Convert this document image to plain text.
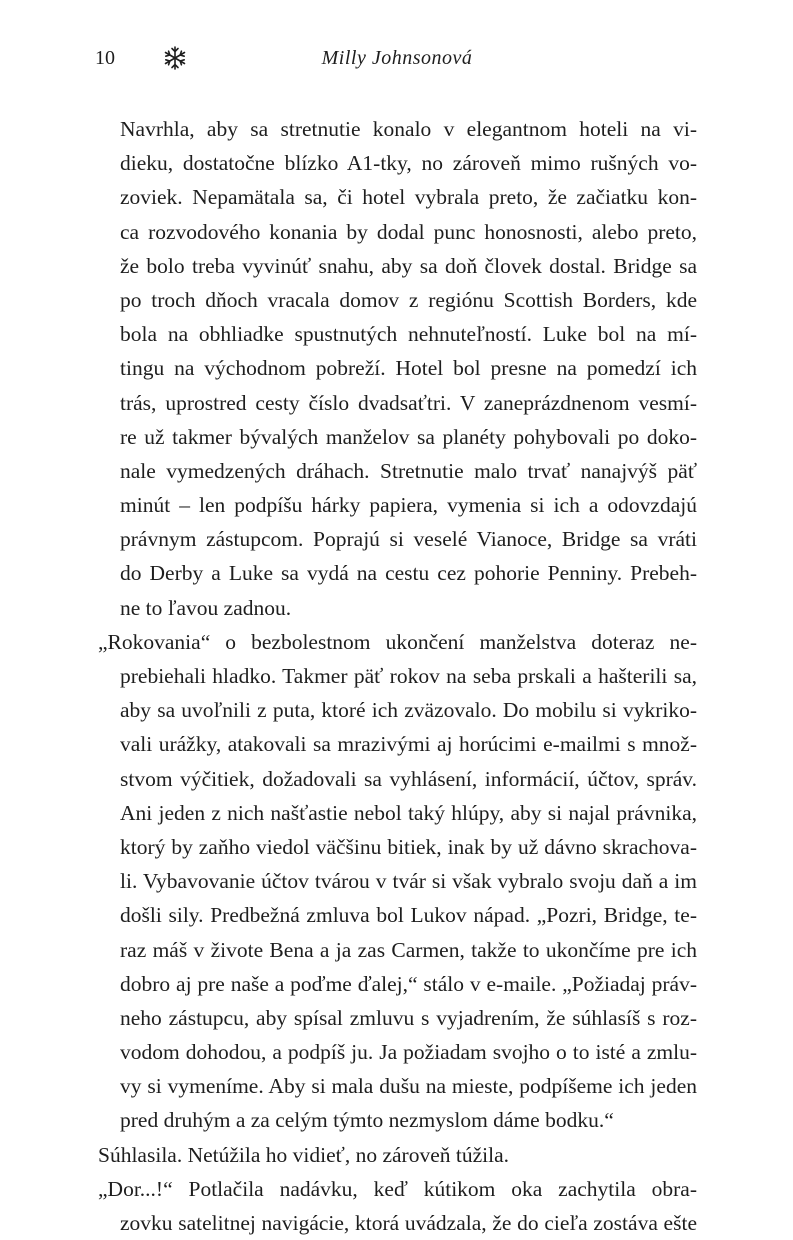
10	Milly Johnsonová
Navrhla, aby sa stretnutie konalo v elegantnom hoteli na vi-
dieku, dostatočne blízko A1-tky, no zároveň mimo rušných vo-
zoviek. Nepamätala sa, či hotel vybrala preto, že začiatku kon-
ca rozvodového konania by dodal punc honosnosti, alebo preto,
že bolo treba vyvinúť snahu, aby sa doň človek dostal. Bridge sa
po troch dňoch vracala domov z regiónu Scottish Borders, kde
bola na obhliadke spustnutých nehnuteľností. Luke bol na mí-
tingu na východnom pobreží. Hotel bol presne na pomedzí ich
trás, uprostred cesty číslo dvadsaťtri. V zaneprázdnenom vesmí-
re už takmer bývalých manželov sa planéty pohybovali po doko-
nale vymedzených dráhach. Stretnutie malo trvať nanajvýš päť
minút – len podpíšu hárky papiera, vymenia si ich a odovzdajú
právnym zástupcom. Poprajú si veselé Vianoce, Bridge sa vráti
do Derby a Luke sa vydá na cestu cez pohorie Penniny. Prebeh-
ne to ľavou zadnou.
„Rokovania“ o bezbolestnom ukončení manželstva doteraz ne-
prebiehali hladko. Takmer päť rokov na seba prskali a hašterili sa,
aby sa uvoľnili z puta, ktoré ich zväzovalo. Do mobilu si vykriko-
vali urážky, atakovali sa mrazivými aj horúcimi e-mailmi s množ-
stvom výčitiek, dožadovali sa vyhlásení, informácií, účtov, správ.
Ani jeden z nich našťastie nebol taký hlúpy, aby si najal právnika,
ktorý by zaňho viedol väčšinu bitiek, inak by už dávno skrachova-
li. Vybavovanie účtov tvárou v tvár si však vybralo svoju daň a im
došli sily. Predbežná zmluva bol Lukov nápad. „Pozri, Bridge, te-
raz máš v živote Bena a ja zas Carmen, takže to ukončíme pre ich
dobro aj pre naše a poďme ďalej,“ stálo v e-maile. „Požiadaj práv-
neho zástupcu, aby spísal zmluvu s vyjadrením, že súhlasíš s roz-
vodom dohodou, a podpíš ju. Ja požiadam svojho o to isté a zmlu-
vy si vymeníme. Aby si mala dušu na mieste, podpíšeme ich jeden
pred druhým a za celým týmto nezmyslom dáme bodku.“
Súhlasila. Netúžila ho vidieť, no zároveň túžila.
„Dor...!“ Potlačila nadávku, keď kútikom oka zachytila obra-
zovku satelitnej navigácie, ktorá uvádzala, že do cieľa zostáva ešte
